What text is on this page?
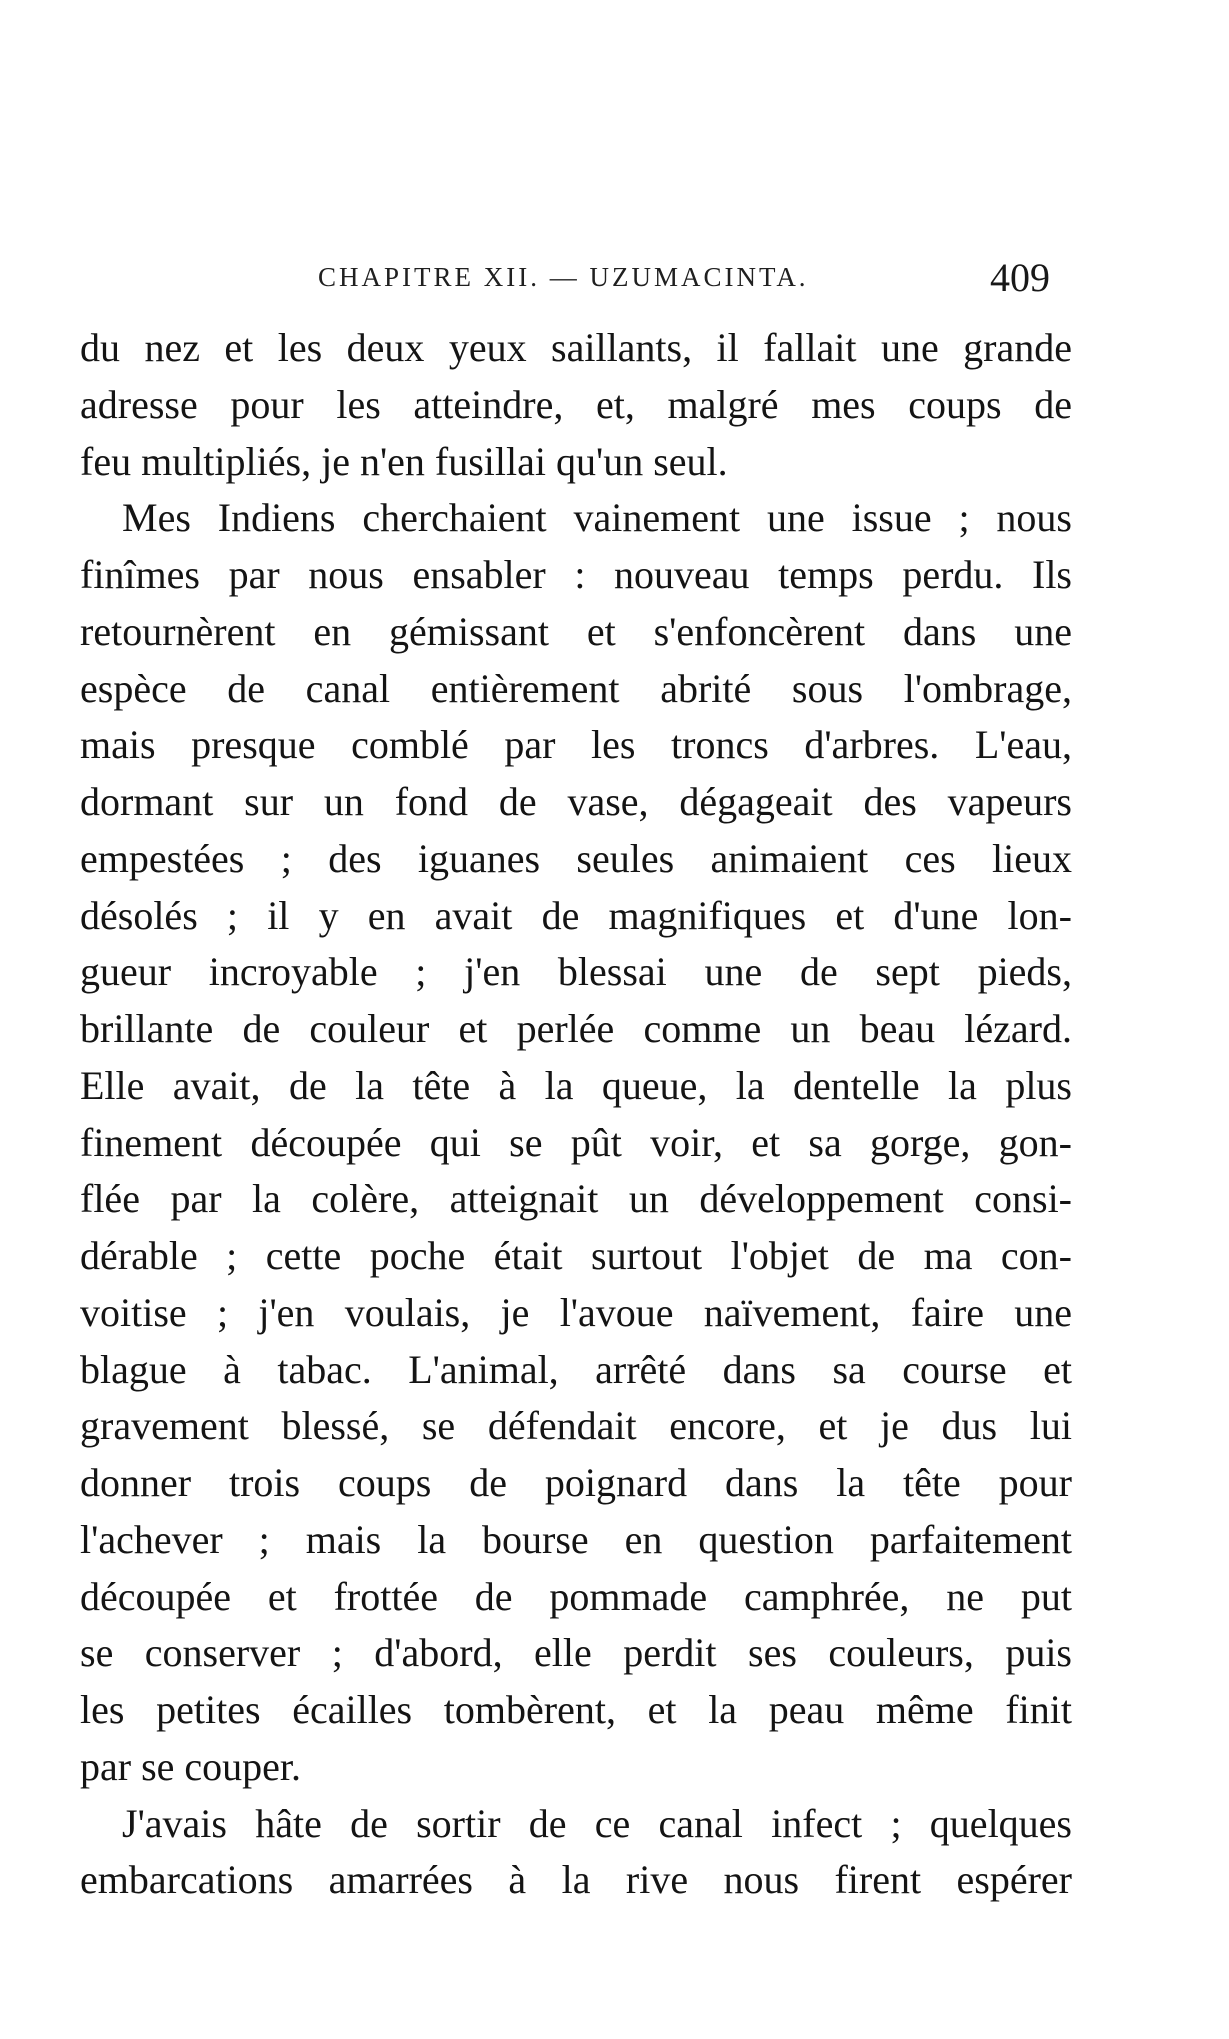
CHAPITRE XII. — UZUMACINTA.	409
du nez et les deux yeux saillants, il fallait une grande
adresse pour les atteindre, et, malgré mes coups de
feu multipliés, je n'en fusillai qu'un seul.
Mes Indiens cherchaient vainement une issue ; nous
finîmes par nous ensabler : nouveau temps perdu. Ils
retournèrent en gémissant et s'enfoncèrent dans une
espèce de canal entièrement abrité sous l'ombrage,
mais presque comblé par les troncs d'arbres. L'eau,
dormant sur un fond de vase, dégageait des vapeurs
empestées ; des iguanes seules animaient ces lieux
désolés ; il y en avait de magnifiques et d'une lon-
gueur incroyable ; j'en blessai une de sept pieds,
brillante de couleur et perlée comme un beau lézard.
Elle avait, de la tête à la queue, la dentelle la plus
finement découpée qui se pût voir, et sa gorge, gon-
flée par la colère, atteignait un développement consi-
dérable ; cette poche était surtout l'objet de ma con-
voitise ; j'en voulais, je l'avoue naïvement, faire une
blague à tabac. L'animal, arrêté dans sa course et
gravement blessé, se défendait encore, et je dus lui
donner trois coups de poignard dans la tête pour
l'achever ; mais la bourse en question parfaitement
découpée et frottée de pommade camphrée, ne put
se conserver ; d'abord, elle perdit ses couleurs, puis
les petites écailles tombèrent, et la peau même finit
par se couper.
J'avais hâte de sortir de ce canal infect ; quelques
embarcations amarrées à la rive nous firent espérer
